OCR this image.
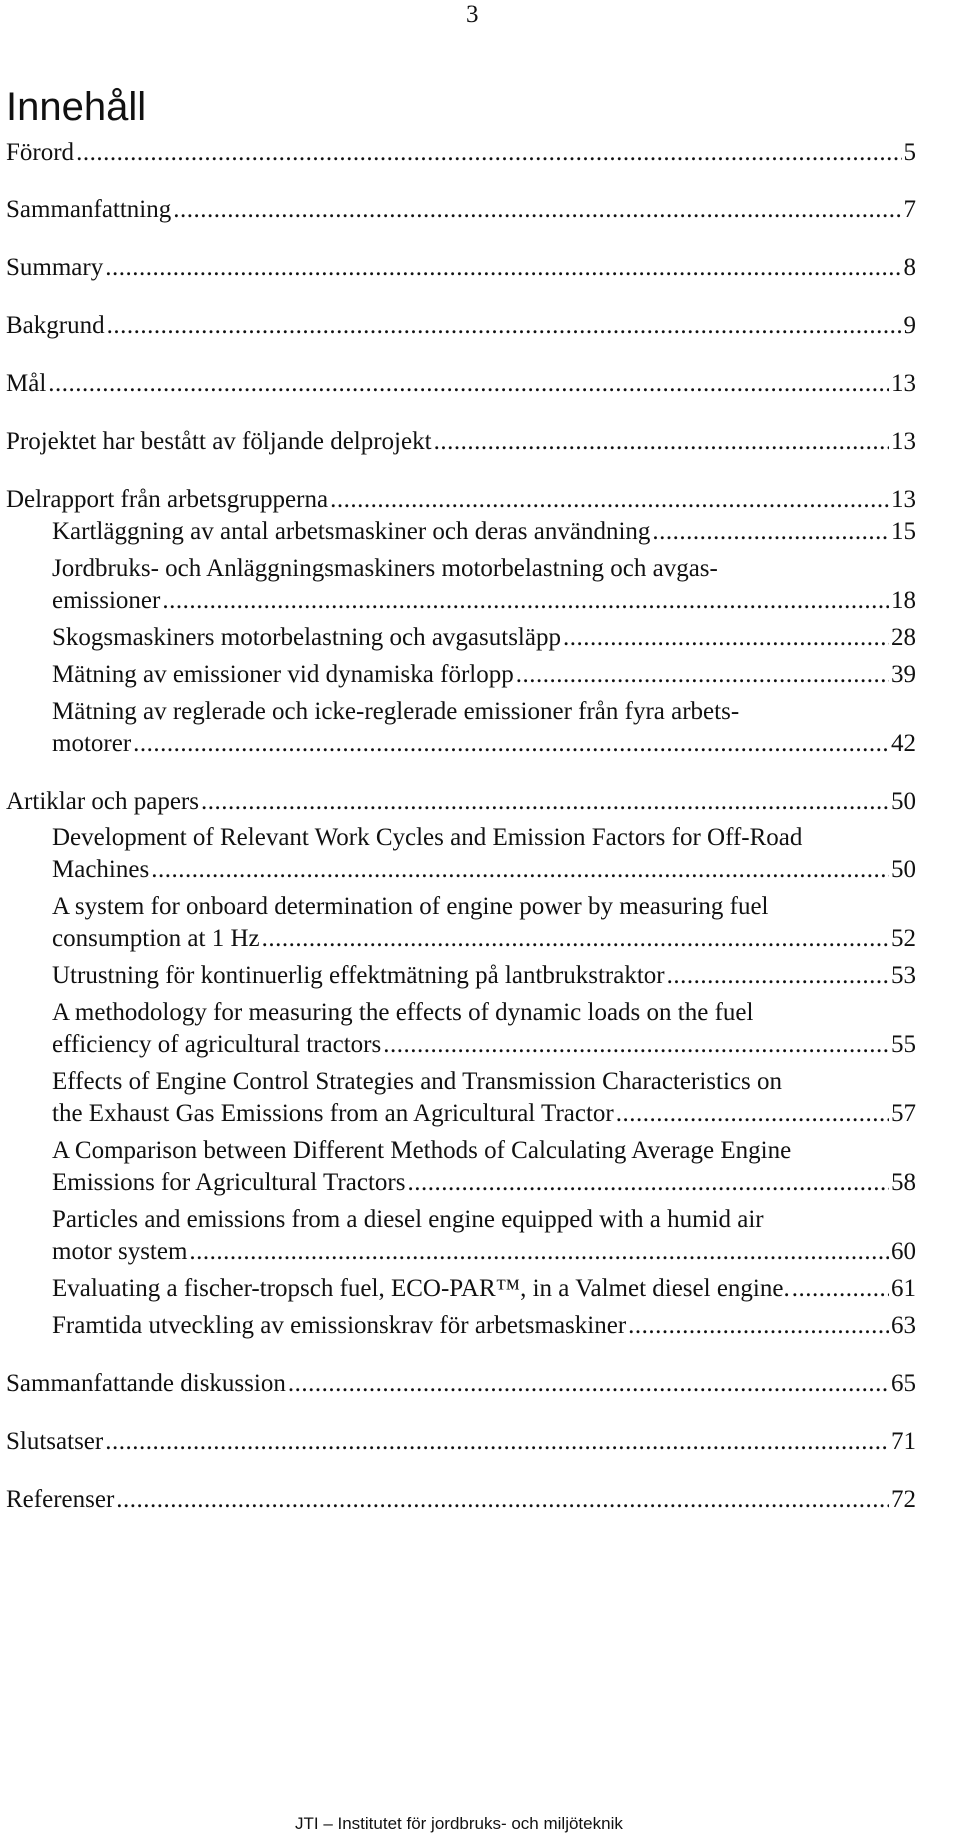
3
Innehåll
Förord .....	5
Sammanfattning .....	7
Summary .....	8
Bakgrund .....	9
Mål .....	13
Projektet har bestått av följande delprojekt .....	13
Delrapport från arbetsgrupperna .....	13
Kartläggning av antal arbetsmaskiner och deras användning .....	15
Jordbruks- och Anläggningsmaskiners motorbelastning och avgas-
emissioner .....	18
Skogsmaskiners motorbelastning och avgasutsläpp .....	28
Mätning av emissioner vid dynamiska förlopp .....	39
Mätning av reglerade och icke-reglerade emissioner från fyra arbets-
motorer .....	42
Artiklar och papers .....	50
Development of Relevant Work Cycles and Emission Factors for Off-Road
Machines .....	50
A system for onboard determination of engine power by measuring fuel
consumption at 1 Hz .....	52
Utrustning för kontinuerlig effektmätning på lantbrukstraktor .....	53
A methodology for measuring the effects of dynamic loads on the fuel
efficiency of agricultural tractors .....	55
Effects of Engine Control Strategies and Transmission Characteristics on
the Exhaust Gas Emissions from an Agricultural Tractor .....	57
A Comparison between Different Methods of Calculating Average Engine
Emissions for Agricultural Tractors .....	58
Particles and emissions from a diesel engine equipped with a humid air
motor system .....	60
Evaluating a fischer-tropsch fuel, ECO-PAR™, in a Valmet diesel engine. .....	61
Framtida utveckling av emissionskrav för arbetsmaskiner .....	63
Sammanfattande diskussion .....	65
Slutsatser .....	71
Referenser .....	72
JTI – Institutet för jordbruks- och miljöteknik
